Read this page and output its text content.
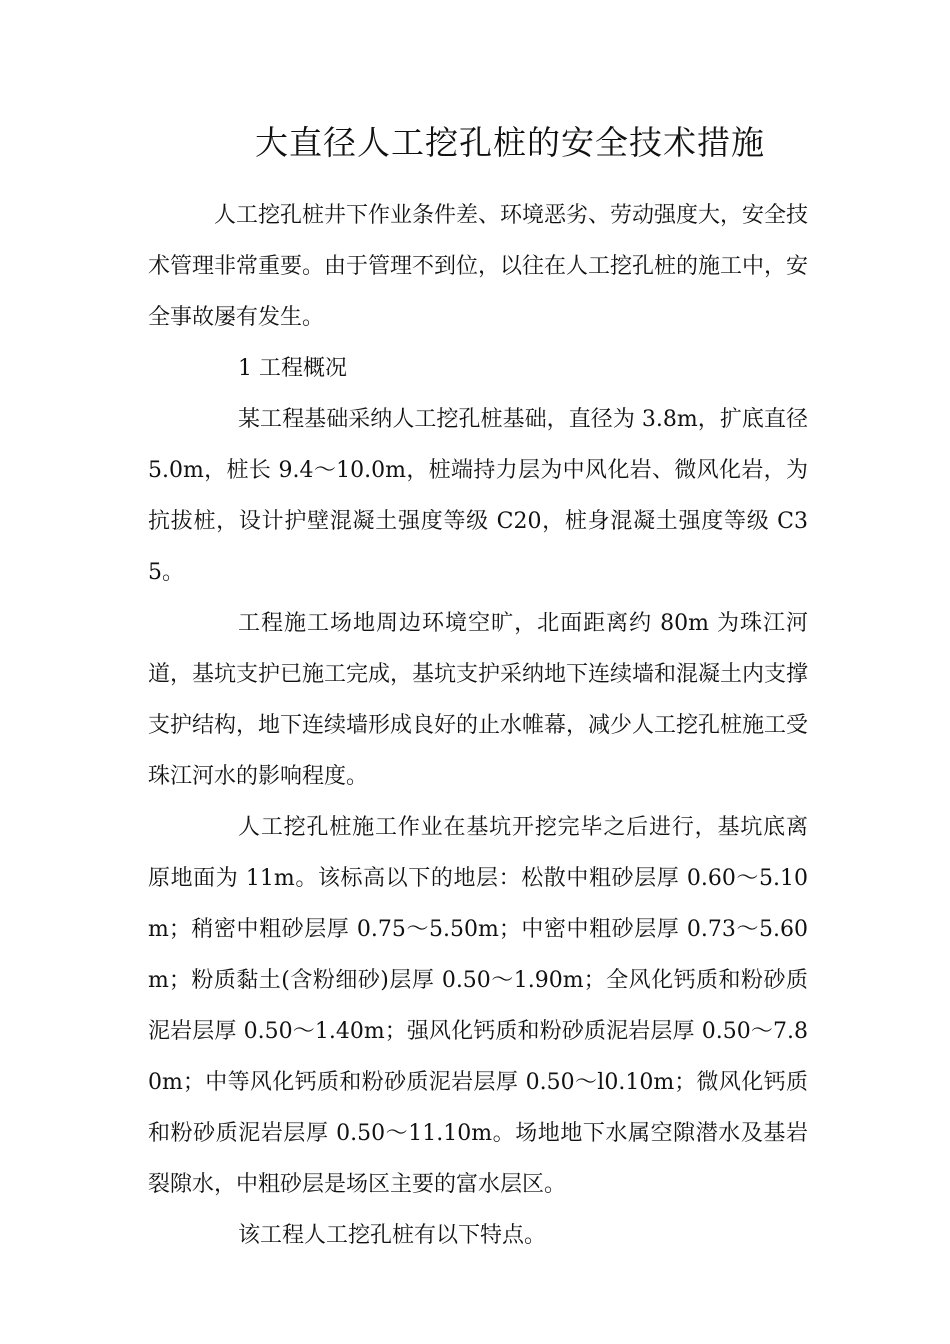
大直径人工挖孔桩的安全技术措施

人工挖孔桩井下作业条件差、环境恶劣、劳动强度大，安全技术管理非常重要。由于管理不到位，以往在人工挖孔桩的施工中，安全事故屡有发生。

1 工程概况

某工程基础采纳人工挖孔桩基础，直径为 3.8m，扩底直径 5.0m，桩长 9.4～10.0m，桩端持力层为中风化岩、微风化岩，为抗拔桩，设计护壁混凝土强度等级 C20，桩身混凝土强度等级 C35。

工程施工场地周边环境空旷，北面距离约 80m 为珠江河道，基坑支护已施工完成，基坑支护采纳地下连续墙和混凝土内支撑支护结构，地下连续墙形成良好的止水帷幕，减少人工挖孔桩施工受珠江河水的影响程度。

人工挖孔桩施工作业在基坑开挖完毕之后进行，基坑底离原地面为 11m。该标高以下的地层：松散中粗砂层厚 0.60～5.10m；稍密中粗砂层厚 0.75～5.50m；中密中粗砂层厚 0.73～5.60m；粉质黏土(含粉细砂)层厚 0.50～1.90m；全风化钙质和粉砂质泥岩层厚 0.50～1.40m；强风化钙质和粉砂质泥岩层厚 0.50～7.80m；中等风化钙质和粉砂质泥岩层厚 0.50～l0.10m；微风化钙质和粉砂质泥岩层厚 0.50～11.10m。场地地下水属空隙潜水及基岩裂隙水，中粗砂层是场区主要的富水层区。

该工程人工挖孔桩有以下特点。
